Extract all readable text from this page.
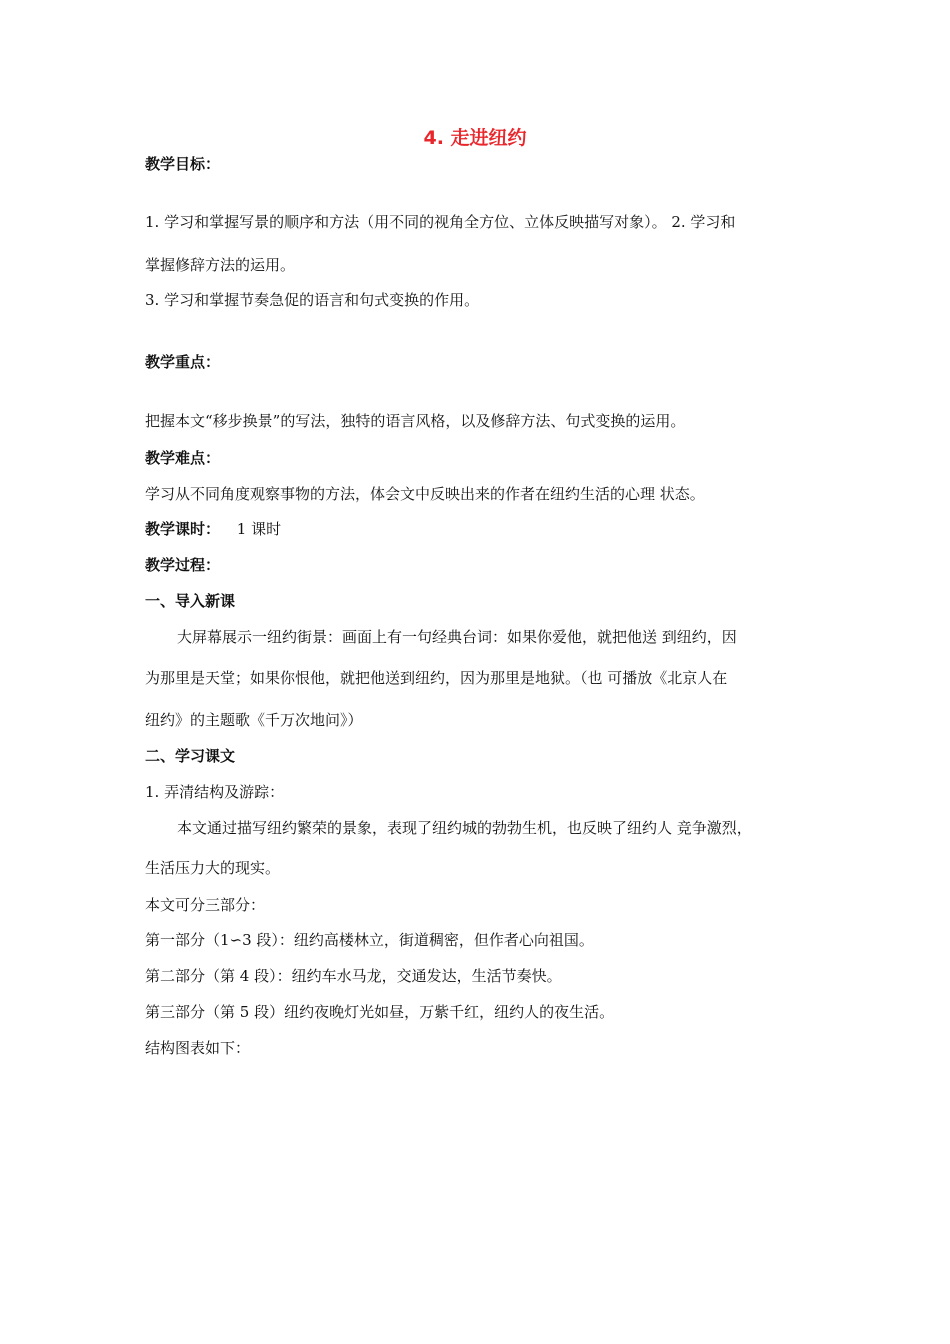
4. 走进纽约
教学目标：
1. 学习和掌握写景的顺序和方法（用不同的视角全方位、立体反映描写对象）。 2. 学习和
掌握修辞方法的运用。
3. 学习和掌握节奏急促的语言和句式变换的作用。
教学重点：
把握本文“移步换景”的写法，独特的语言风格，以及修辞方法、句式变换的运用。
教学难点：
学习从不同角度观察事物的方法，体会文中反映出来的作者在纽约生活的心理 状态。
教学课时： 1 课时
教学过程：
一、导入新课
大屏幕展示一纽约街景：画面上有一句经典台词：如果你爱他，就把他送 到纽约，因
为那里是天堂；如果你恨他，就把他送到纽约，因为那里是地狱。（也 可播放《北京人在
纽约》的主题歌《千万次地问》）
二、学习课文
1. 弄清结构及游踪：
本文通过描写纽约繁荣的景象，表现了纽约城的勃勃生机，也反映了纽约人 竞争激烈，
生活压力大的现实。
本文可分三部分：
第一部分（1∽3 段）：纽约高楼林立，街道稠密，但作者心向祖国。
第二部分（第 4 段）：纽约车水马龙，交通发达，生活节奏快。
第三部分（第 5 段）纽约夜晚灯光如昼，万紫千红，纽约人的夜生活。
结构图表如下：
